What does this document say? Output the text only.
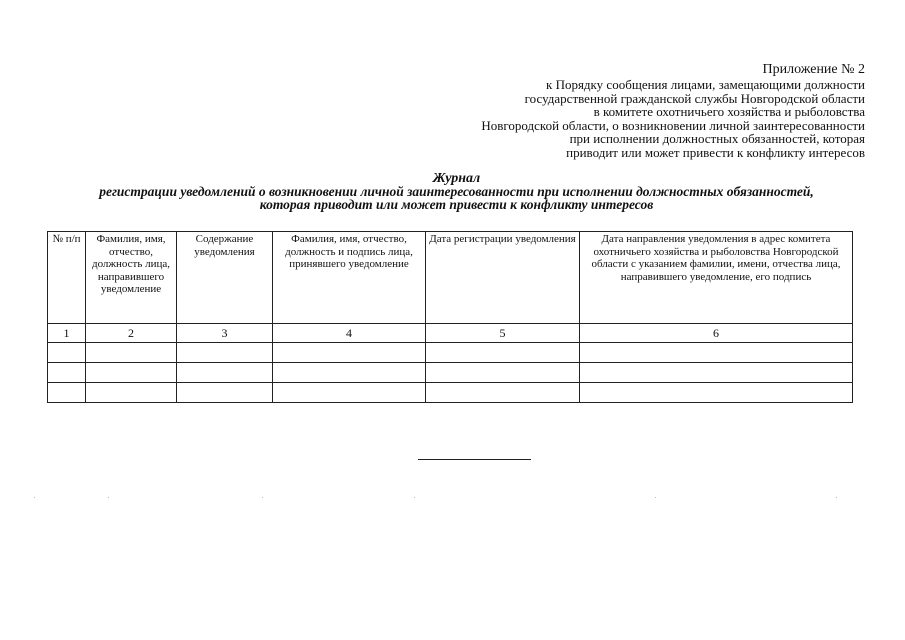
Приложение № 2
к Порядку сообщения лицами, замещающими должности
государственной гражданской службы Новгородской области
в комитете охотничьего хозяйства и рыболовства
Новгородской области, о возникновении личной заинтересованности
при исполнении должностных обязанностей, которая
приводит или может привести к конфликту интересов
Журнал
регистрации уведомлений о возникновении личной заинтересованности при исполнении должностных обязанностей,
которая приводит или может привести к конфликту интересов
№ п/п	Фамилия, имя, отчество, должность лица, направившего уведомление	Содержание уведомления	Фамилия, имя, отчество, должность и подпись лица, принявшего уведомление	Дата регистрации уведомления	Дата направления уведомления в адрес комитета охотничьего хозяйства и рыболовства Новгородской области с указанием фамилии, имени, отчества лица, направившего уведомление, его подпись
1	2	3	4	5	6
